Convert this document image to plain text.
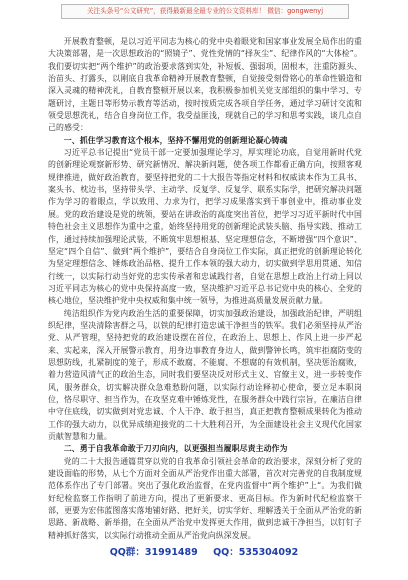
关注头条号“公文研究”，获得最新最全最专业的公文资料库！ 微信：gongwenyj

开展教育整顿，是以习近平同志为核心的党中央着眼党和国家事业发展全局作出的重大决策部署，是一次思想政治的“照镜子”、党性党情的“择灰尘”、纪律作风的“大体检”。我们要切实把“两个维护”的政治要求落到实处，补短板、强弱项，固根本，注重防源头、治苗头、打露头，以刚底自我革命精神开展教育整顿，自觉接受刻骨铭心的革命性锻造和深入灵魂的精神洗礼，自教育整顿开展以来，我积极参加机关党支部组织的集中学习、专题研讨，主题日等形势示教育等活动，按时按质完成各项自学任务，通过学习研讨交流和领受思想洗礼，结合自身岗位工作，我受益匪浅，现就自己的学习和思考实践，谈几点自己的感受：

一、抓住学习教育这个根本，坚持不懈用党的创新理论凝心铸魂

习近平总书记提出“党员干部一定要加强理论学习，厚实理论功底，自觉用新时代党的创新理论观察新形势、研究新情况、解决新问题，使各项工作都看正确方向，按照客观规律推进，做好政治教育，要坚持把党的二十大报告等指定材料和权威读本作为工具书、案头书、枕边书，坚持带头学、主动学、反复学、反复学、联系实际学，把研究解决问题作为学习的着眼点，学以致用、力求为行，把学习成果落实到干事创业中，推动事业发展。党的政治建设是党的统领，要站在讲政治的高度突出首位，把学习习近平新时代中国特色社会主义思想作为重中之重，始终坚持用党的创新理论武装头脑、指导实践、推动工作，通过持续加强理论武装，不断筑牢思想根基、坚定理想信念，不断增强“四个意识”、坚定“四个自信”、做到“两个维护”，要结合自身岗位工作实际，真正把党的创新理论转化为坚定理想信念、锤炼政治品格、提升工作本领的强大动力，切实做到学思用贯通、知信行统一，以实际行动当好党的忠实传承者和忠诚践行者，自觉在思想上政治上行动上同以习近平同志为核心的党中央保持高度一致，坚决维护习近平总书记党中央的核心、全党的核心地位，坚决维护党中央权威和集中统一领导，为推进高质量发展贡献力量。

纯洁组织作为党内政治生活的重要保障，切实加强政治建设，加强政治纪律，严明组织纪律，坚决清除害群之马，以铁的纪律打造忠诚干净担当的铁军。我们必须坚持从严治党、从严管理，坚持把党的政治建设摆在首位，在政治上、思想上、作风上进一步严起来、实起来，深入开展警示教育，用身边事教育身边人，做到警钟长鸣，筑牢拒腐防变的思想防线，扎紧制度的笼子，形成不敢腐、不能腐、不想腐的有效机制，坚决惩治腐败，着力营造风清气正的政治生态，同时我们要坚决反对形式主义、官僚主义，进一步转变作风，服务群众，切实解决群众急难愁盼问题，以实际行动诠释初心使命，要立足本职岗位，恪尽职守、担当作为，在攻坚克难中锤炼党性，在服务群众中践行宗旨，在廉洁自律中守住底线，切实做到对党忠诚、个人干净、敢于担当，真正把教育整顿成果转化为推动工作的强大动力，以优异成绩迎接党的二十大胜利召开，为全面建设社会主义现代化国家贡献智慧和力量。

二、勇于自我革命敢于刀刃向内，以更强担当履职尽责主动作为

党的二十大报告通篇贯穿以党的自我革命引领社会革命的政治要求，深刻分析了党的建设面临的形势，从七个方面对全面从严治党作出重大部署，首次对完善党的自我制度规范体系作出了专门部署。突出了强化政治监督，在党内监督中“两个维护”上“。为我们做好纪检监察工作指明了前进方向，提出了更新要求、更高目标。作为新时代纪检监察干部，更要为宏伟蓝图落实落地铺好路、把好关，切实学好、理解透关于全面从严治党的新思路、新战略、新举措，在全面从严治党中发挥更大作用，做到忠诚干净担当，以钉钉子精神抓好落实，以实际行动推动全面从严治党向纵深发展。

QQ群：31991489 QQ：535304092
